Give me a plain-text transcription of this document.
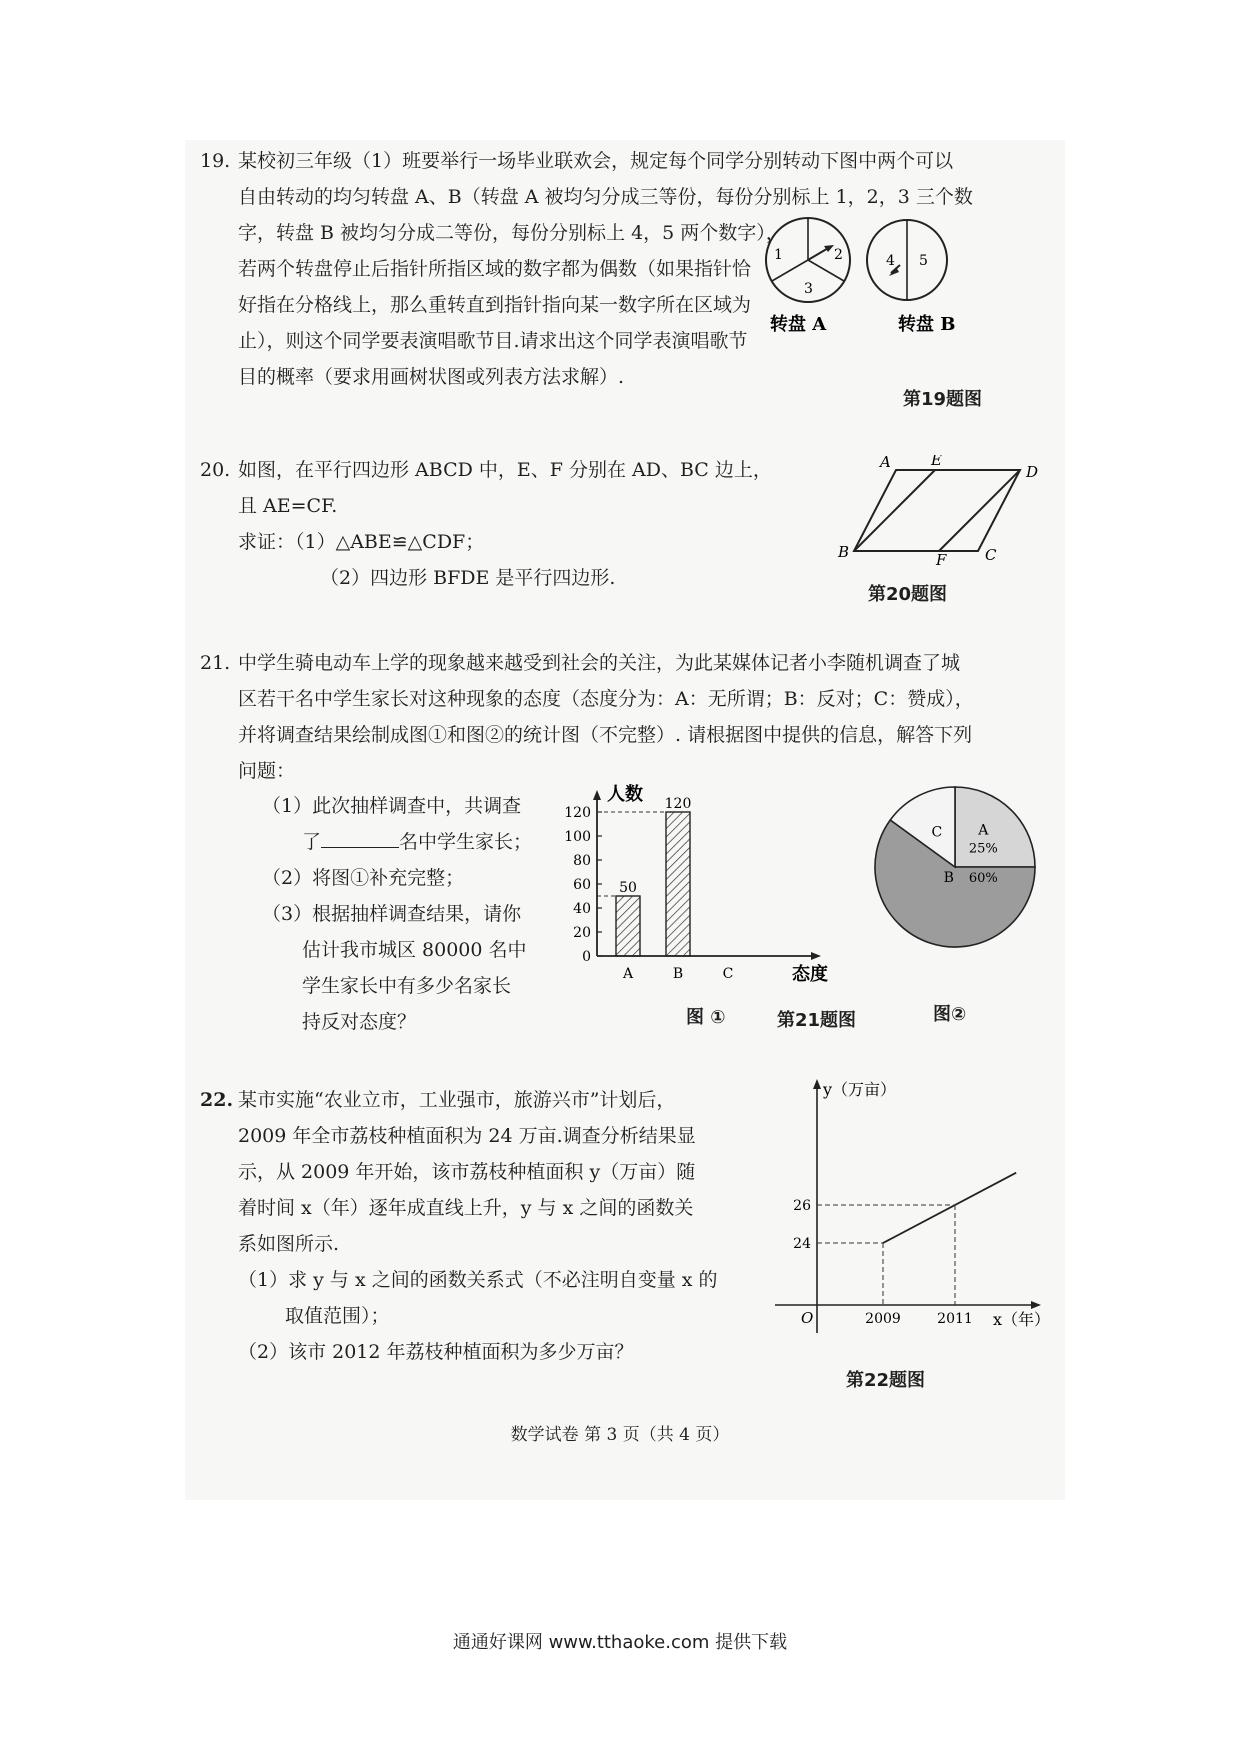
19. 某校初三年级（1）班要举行一场毕业联欢会，规定每个同学分别转动下图中两个可以
自由转动的均匀转盘 A、B（转盘 A 被均匀分成三等份，每份分别标上 1，2，3 三个数
字，转盘 B 被均匀分成二等份，每份分别标上 4，5 两个数字），
若两个转盘停止后指针所指区域的数字都为偶数（如果指针恰
好指在分格线上，那么重转直到指针指向某一数字所在区域为
止），则这个同学要表演唱歌节目.请求出这个同学表演唱歌节
目的概率（要求用画树状图或列表方法求解）.
1	2
3
转盘 A
4 5
转盘 B
第19题图
20. 如图，在平行四边形 ABCD 中，E、F 分别在 AD、BC 边上，
且 AE=CF.
求证：（1）△ABE≌△CDF；
（2）四边形 BFDE 是平行四边形.
A	E
D
B	F	C
第20题图
21. 中学生骑电动车上学的现象越来越受到社会的关注，为此某媒体记者小李随机调查了城
区若干名中学生家长对这种现象的态度（态度分为：A：无所谓；B：反对；C：赞成），
并将调查结果绘制成图①和图②的统计图（不完整）. 请根据图中提供的信息，解答下列
问题：
（1）此次抽样调查中，共调查
了	名中学生家长；
（2）将图①补充完整；
（3）根据抽样调查结果，请你
估计我市城区 80000 名中
学生家长中有多少名家长
持反对态度？
人数
态度
0
20
40
60
80
100
120
A
50
B
120
C
A
25%
B 60%
C
图 ①	第21题图	图②
22. 某市实施“农业立市，工业强市，旅游兴市”计划后，
2009 年全市荔枝种植面积为 24 万亩.调查分析结果显
示，从 2009 年开始，该市荔枝种植面积 y（万亩）随
着时间 x（年）逐年成直线上升，y 与 x 之间的函数关
系如图所示.
（1）求 y 与 x 之间的函数关系式（不必注明自变量 x 的
取值范围）；
（2）该市 2012 年荔枝种植面积为多少万亩？
y（万亩）
x（年）
O
24
2009
26
2011
第22题图
数学试卷 第 3 页（共 4 页）
通通好课网 www.tthaoke.com 提供下载
